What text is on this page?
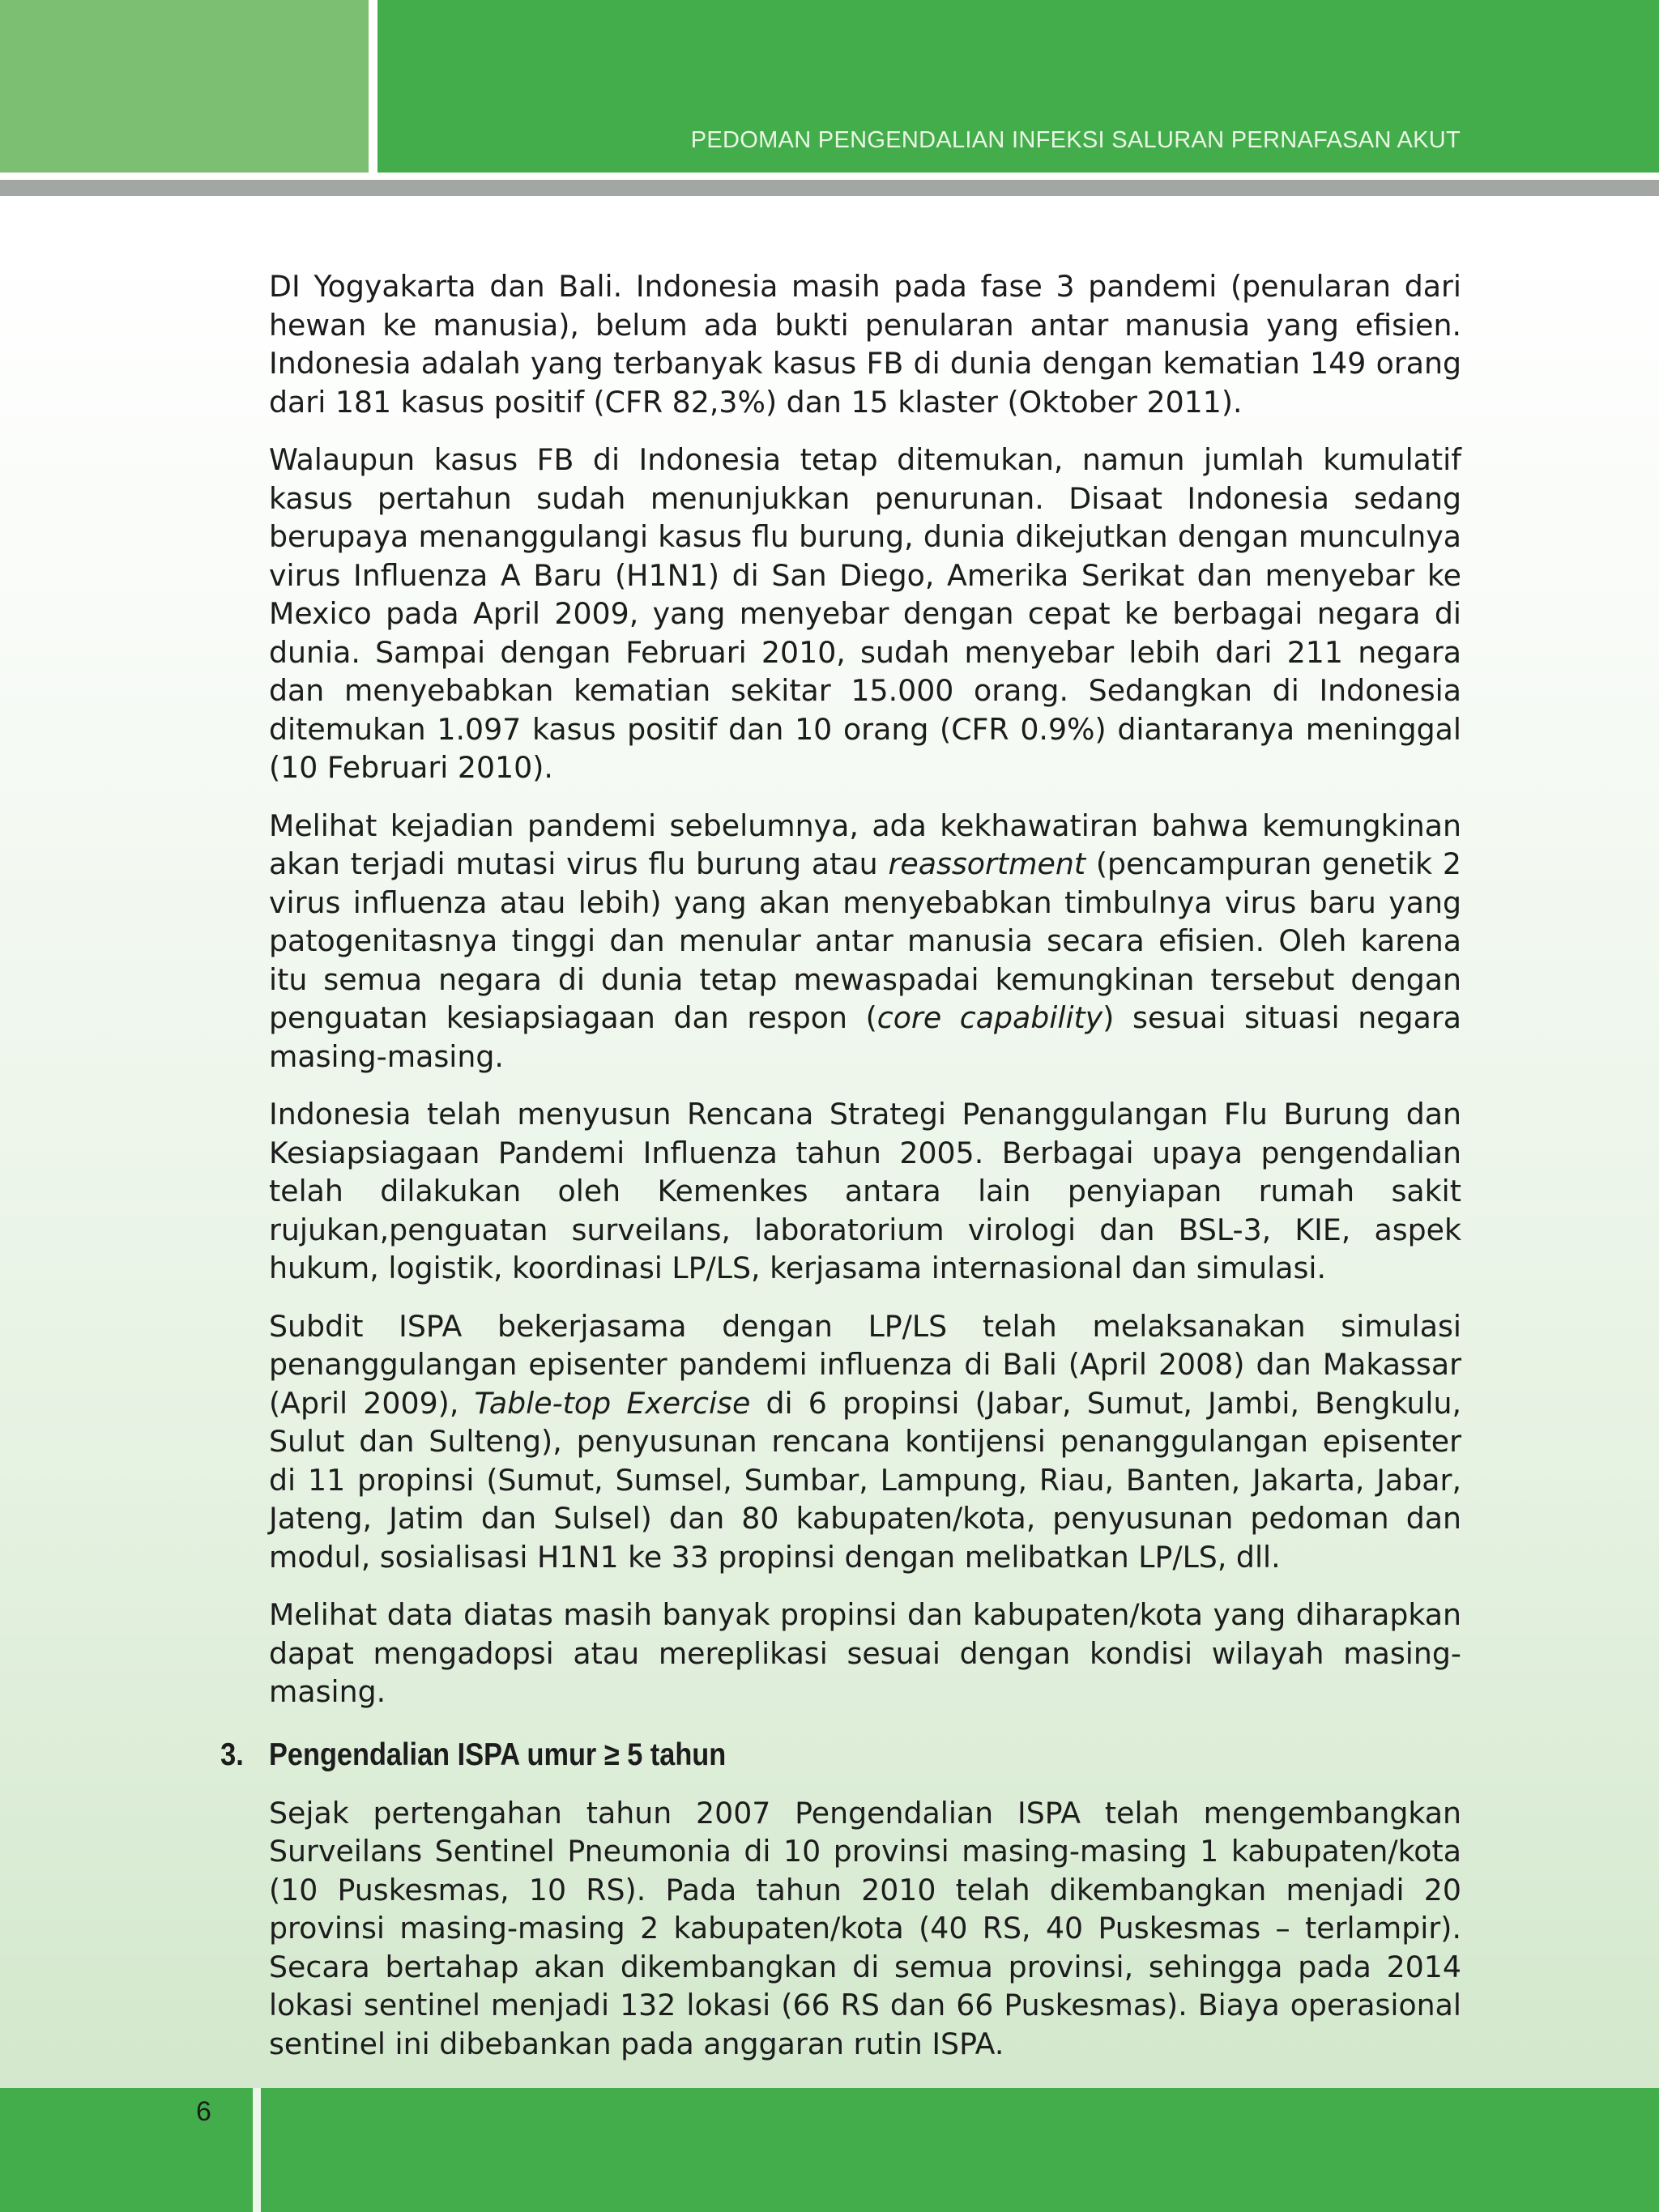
PEDOMAN PENGENDALIAN INFEKSI SALURAN PERNAFASAN AKUT

DI Yogyakarta dan Bali. Indonesia masih pada fase 3 pandemi (penularan dari hewan ke manusia), belum ada bukti penularan antar manusia yang efisien. Indonesia adalah yang terbanyak kasus FB di dunia dengan kematian 149 orang dari 181 kasus positif (CFR 82,3%) dan 15 klaster (Oktober 2011).

Walaupun kasus FB di Indonesia tetap ditemukan, namun jumlah kumulatif kasus pertahun sudah menunjukkan penurunan. Disaat Indonesia sedang berupaya menanggulangi kasus flu burung, dunia dikejutkan dengan munculnya virus Influenza A Baru (H1N1) di San Diego, Amerika Serikat dan menyebar ke Mexico pada April 2009, yang menyebar dengan cepat ke berbagai negara di dunia. Sampai dengan Februari 2010, sudah menyebar lebih dari 211 negara dan menyebabkan kematian sekitar 15.000 orang. Sedangkan di Indonesia ditemukan 1.097 kasus positif dan 10 orang (CFR 0.9%) diantaranya meninggal (10 Februari 2010).

Melihat kejadian pandemi sebelumnya, ada kekhawatiran bahwa kemungkinan akan terjadi mutasi virus flu burung atau reassortment (pencampuran genetik 2 virus influenza atau lebih) yang akan menyebabkan timbulnya virus baru yang patogenitasnya tinggi dan menular antar manusia secara efisien. Oleh karena itu semua negara di dunia tetap mewaspadai kemungkinan tersebut dengan penguatan kesiapsiagaan dan respon (core capability) sesuai situasi negara masing-masing.

Indonesia telah menyusun Rencana Strategi Penanggulangan Flu Burung dan Kesiapsiagaan Pandemi Influenza tahun 2005. Berbagai upaya pengendalian telah dilakukan oleh Kemenkes antara lain penyiapan rumah sakit rujukan,penguatan surveilans, laboratorium virologi dan BSL-3, KIE, aspek hukum, logistik, koordinasi LP/LS, kerjasama internasional dan simulasi.

Subdit ISPA bekerjasama dengan LP/LS telah melaksanakan simulasi penanggulangan episenter pandemi influenza di Bali (April 2008) dan Makassar (April 2009), Table-top Exercise di 6 propinsi (Jabar, Sumut, Jambi, Bengkulu, Sulut dan Sulteng), penyusunan rencana kontijensi penanggulangan episenter di 11 propinsi (Sumut, Sumsel, Sumbar, Lampung, Riau, Banten, Jakarta, Jabar, Jateng, Jatim dan Sulsel) dan 80 kabupaten/kota, penyusunan pedoman dan modul, sosialisasi H1N1 ke 33 propinsi dengan melibatkan LP/LS, dll.

Melihat data diatas masih banyak propinsi dan kabupaten/kota yang diharapkan dapat mengadopsi atau mereplikasi sesuai dengan kondisi wilayah masing-masing.

3. Pengendalian ISPA umur ≥ 5 tahun

Sejak pertengahan tahun 2007 Pengendalian ISPA telah mengembangkan Surveilans Sentinel Pneumonia di 10 provinsi masing-masing 1 kabupaten/kota (10 Puskesmas, 10 RS). Pada tahun 2010 telah dikembangkan menjadi 20 provinsi masing-masing 2 kabupaten/kota (40 RS, 40 Puskesmas – terlampir). Secara bertahap akan dikembangkan di semua provinsi, sehingga pada 2014 lokasi sentinel menjadi 132 lokasi (66 RS dan 66 Puskesmas). Biaya operasional sentinel ini dibebankan pada anggaran rutin ISPA.

6
